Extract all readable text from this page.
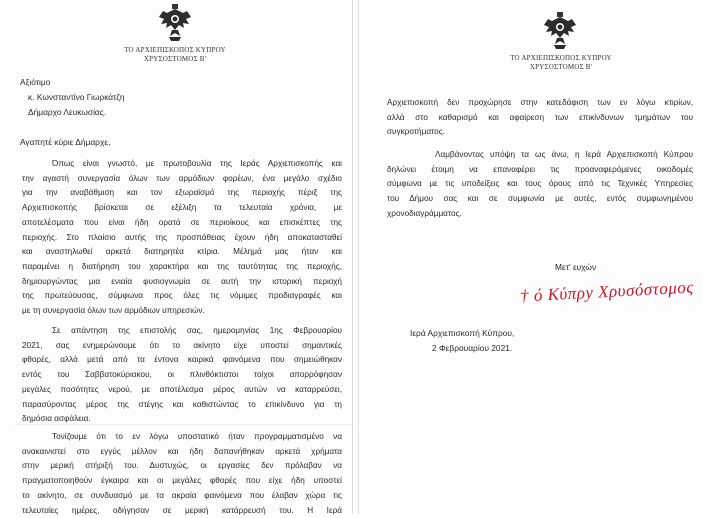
ΤΟ ΑΡΧΙΕΠΙΣΚΟΠΟΣ ΚΥΠΡΟΥ
ΧΡΥΣΟΣΤΟΜΟΣ Β'
Αξιότιμο
κ. Κωνσταντίνο Γιωρκάτζη
Δήμαρχο Λευκωσίας.
Αγαπητέ κύριε Δήμαρχε,
Όπως είναι γνωστό, με πρωτοβουλία της Ιεράς Αρχιεπισκοπής και
την αγαστή συνεργασία όλων των αρμόδιων φορέων, ένα μεγάλο σχέδιο
για την αναβάθμιση και τον εξωραϊσμό της περιοχής πέριξ της
Αρχιεπισκοπής βρίσκεται σε εξέλιξη τα τελευταία χρόνια, με
αποτελέσματα που είναι ήδη ορατά σε περιοίκους και επισκέπτες της
περιοχής. Στο πλαίσιο αυτής της προσπάθειας έχουν ήδη αποκατασταθεί
και αναστηλωθεί αρκετά διατηρητέα κτίρια. Μέλημά μας ήταν και
παραμένει η διατήρηση του χαρακτήρα και της ταυτότητας της περιοχής,
δημιουργώντας μια ενιαία φυσιογνωμία σε αυτή την ιστορική περιοχή
της πρωτεύουσας, σύμφωνα προς όλες τις νόμιμες προδιαγραφές και
με τη συνεργασία όλων των αρμόδιων υπηρεσιών.
Σε απάντηση της επιστολής σας, ημερομηνίας 1ης Φεβρουαρίου
2021, σας ενημερώνουμε ότι το ακίνητο είχε υποστεί σημαντικές
φθορές, αλλά μετά από τα έντονα καιρικά φαινόμενα που σημειώθηκαν
εντός του Σαββατοκύριακου, οι πλινθόκτιστοι τοίχοι απορρόφησαν
μεγάλες ποσότητες νερού, με αποτέλεσμα μέρος αυτών να καταρρεύσει,
παρασύροντας μέρος της στέγης και καθιστώντας το επικίνδυνο για τη
δημόσια ασφάλεια.
Τονίζουμε ότι το εν λόγω υποστατικό ήταν προγραμματισμένο να
ανακαινιστεί στο εγγύς μέλλον και ήδη δαπανήθηκαν αρκετά χρήματα
στην μερική στήριξή του. Δυστυχώς, οι εργασίες δεν πρόλαβαν να
πραγματοποιηθούν έγκαιρα και οι μεγάλες φθορές που είχε ήδη υποστεί
το ακίνητο, σε συνδυασμό με τα ακραία φαινόμενα που έλαβαν χώρα τις
τελευταίες ημέρες, οδήγησαν σε μερική κατάρρευσή του. Η Ιερά
ΤΟ ΑΡΧΙΕΠΙΣΚΟΠΟΣ ΚΥΠΡΟΥ
ΧΡΥΣΟΣΤΟΜΟΣ Β'
Αρχιεπισκοπή δεν προχώρησε στην κατεδάφιση των εν λόγω κτιρίων,
αλλά στο καθαρισμό και αφαίρεση των επικίνδυνων τμημάτων του
συγκροτήματος.
Λαμβάνοντας υπόψη τα ως άνω, η Ιερά Αρχιεπισκοπή Κύπρου
δηλώνει έτοιμη να επαναφέρει τις προαναφερόμενες οικοδομές
σύμφωνα με τις υποδείξεις και τους όρους από τις Τεχνικές Υπηρεσίες
του Δήμου σας και σε συμφωνία με αυτές, εντός συμφωνημένου
χρονοδιαγράμματος.
Μετ' ευχών
† ό Κύπρy Χρυσόστομος
Ιερά Αρχιεπισκοπή Κύπρου,
2 Φεβρουαρίου 2021.
